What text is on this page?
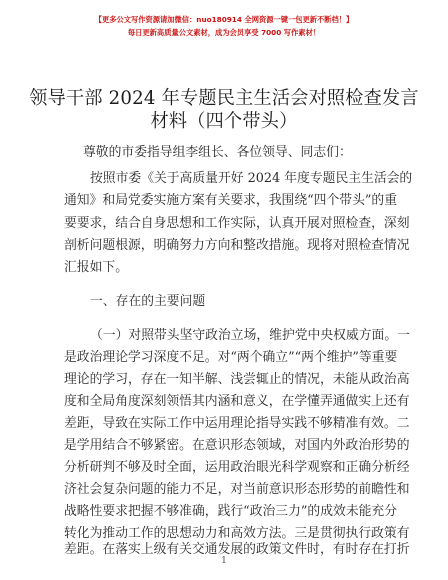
【更多公文写作资源请加微信：nuo180914 全网资源一键一包更新不断档！】
每日更新高质量公文素材，成为会员享受 7000 写作素材！
领导干部 2024 年专题民主生活会对照检查发言
材料（四个带头）
尊敬的市委指导组李组长、各位领导、同志们：
按照市委《关于高质量开好 2024 年度专题民主生活会的
通知》和局党委实施方案有关要求，我围绕“四个带头”的重
要要求，结合自身思想和工作实际，认真开展对照检查，深刻
剖析问题根源，明确努力方向和整改措施。现将对照检查情况
汇报如下。
一、存在的主要问题
（一）对照带头坚守政治立场，维护党中央权威方面。一
是政治理论学习深度不足。对“两个确立”“两个维护”等重要
理论的学习，存在一知半解、浅尝辄止的情况，未能从政治高
度和全局角度深刻领悟其内涵和意义，在学懂弄通做实上还有
差距，导致在实际工作中运用理论指导实践不够精准有效。二
是学用结合不够紧密。在意识形态领域，对国内外政治形势的
分析研判不够及时全面，运用政治眼光科学观察和正确分析经
济社会复杂问题的能力不足，对当前意识形态形势的前瞻性和
战略性要求把握不够准确，践行“政治三力”的成效未能充分
转化为推动工作的思想动力和高效方法。三是贯彻执行政策有
差距。在落实上级有关交通发展的政策文件时，有时存在打折
1
